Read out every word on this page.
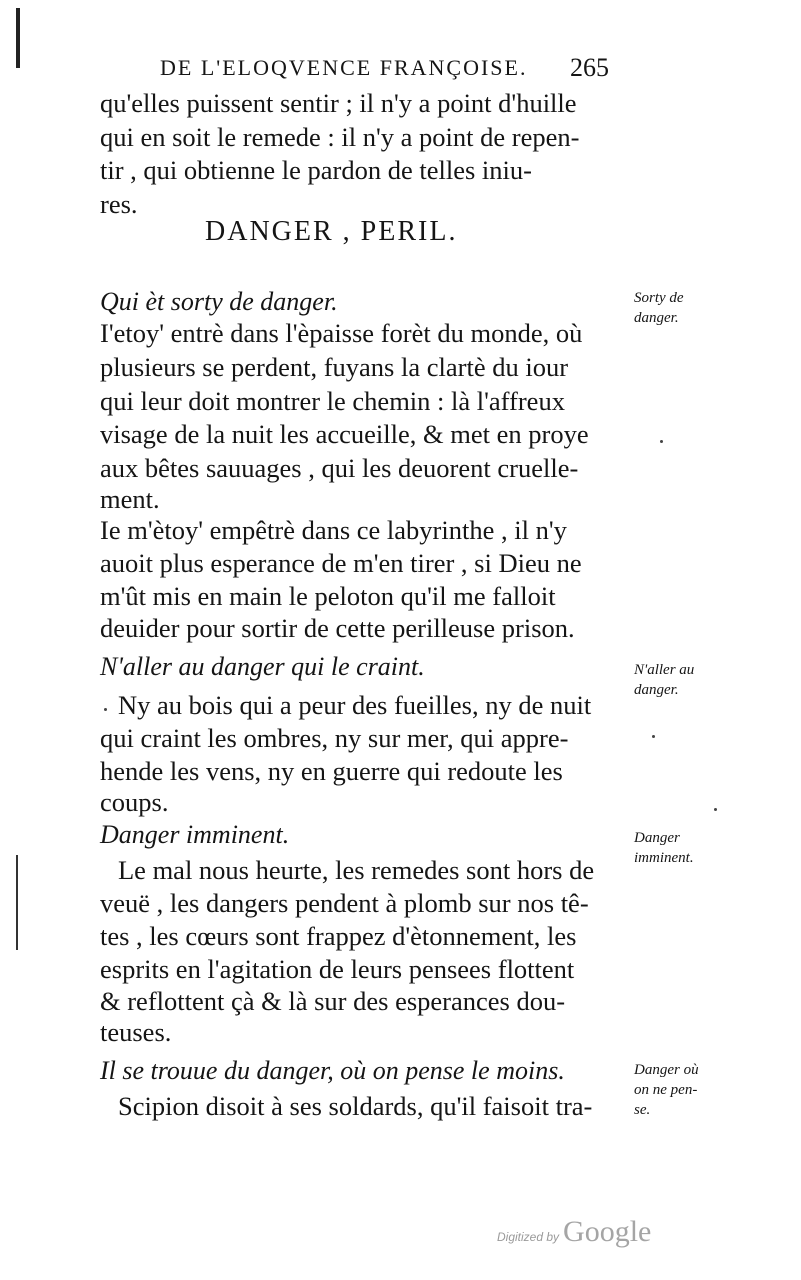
DE L'ELOQVENCE FRANÇOISE. 265
qu'elles puissent sentir ; il n'y a point d'huille
qui en soit le remede : il n'y a point de repen-
tir , qui obtienne le pardon de telles iniu-
res.
DANGER , PERIL.
Qui èt sorty de danger.	Sorty de
danger.
I'etoy' entrè dans l'èpaisse forèt du monde, où
plusieurs se perdent, fuyans la clartè du iour
qui leur doit montrer le chemin : là l'affreux
visage de la nuit les accueille, & met en proye
aux bêtes sauuages , qui les deuorent cruelle-
ment.
Ie m'ètoy' empêtrè dans ce labyrinthe , il n'y
auoit plus esperance de m'en tirer , si Dieu ne
m'ût mis en main le peloton qu'il me falloit
deuider pour sortir de cette perilleuse prison.
N'aller au danger qui le craint.	N'aller au
danger.
Ny au bois qui a peur des fueilles, ny de nuit
qui craint les ombres, ny sur mer, qui appre-
hende les vens, ny en guerre qui redoute les
coups.
Danger imminent.	Danger
imminent.
Le mal nous heurte, les remedes sont hors de
veuë , les dangers pendent à plomb sur nos tê-
tes , les cœurs sont frappez d'ètonnement, les
esprits en l'agitation de leurs pensees flottent
& reflottent çà & là sur des esperances dou-
teuses.
Il se trouue du danger, où on pense le moins.	Danger où
on ne pen-
se.
Scipion disoit à ses soldards, qu'il faisoit tra-
Digitized by Google
